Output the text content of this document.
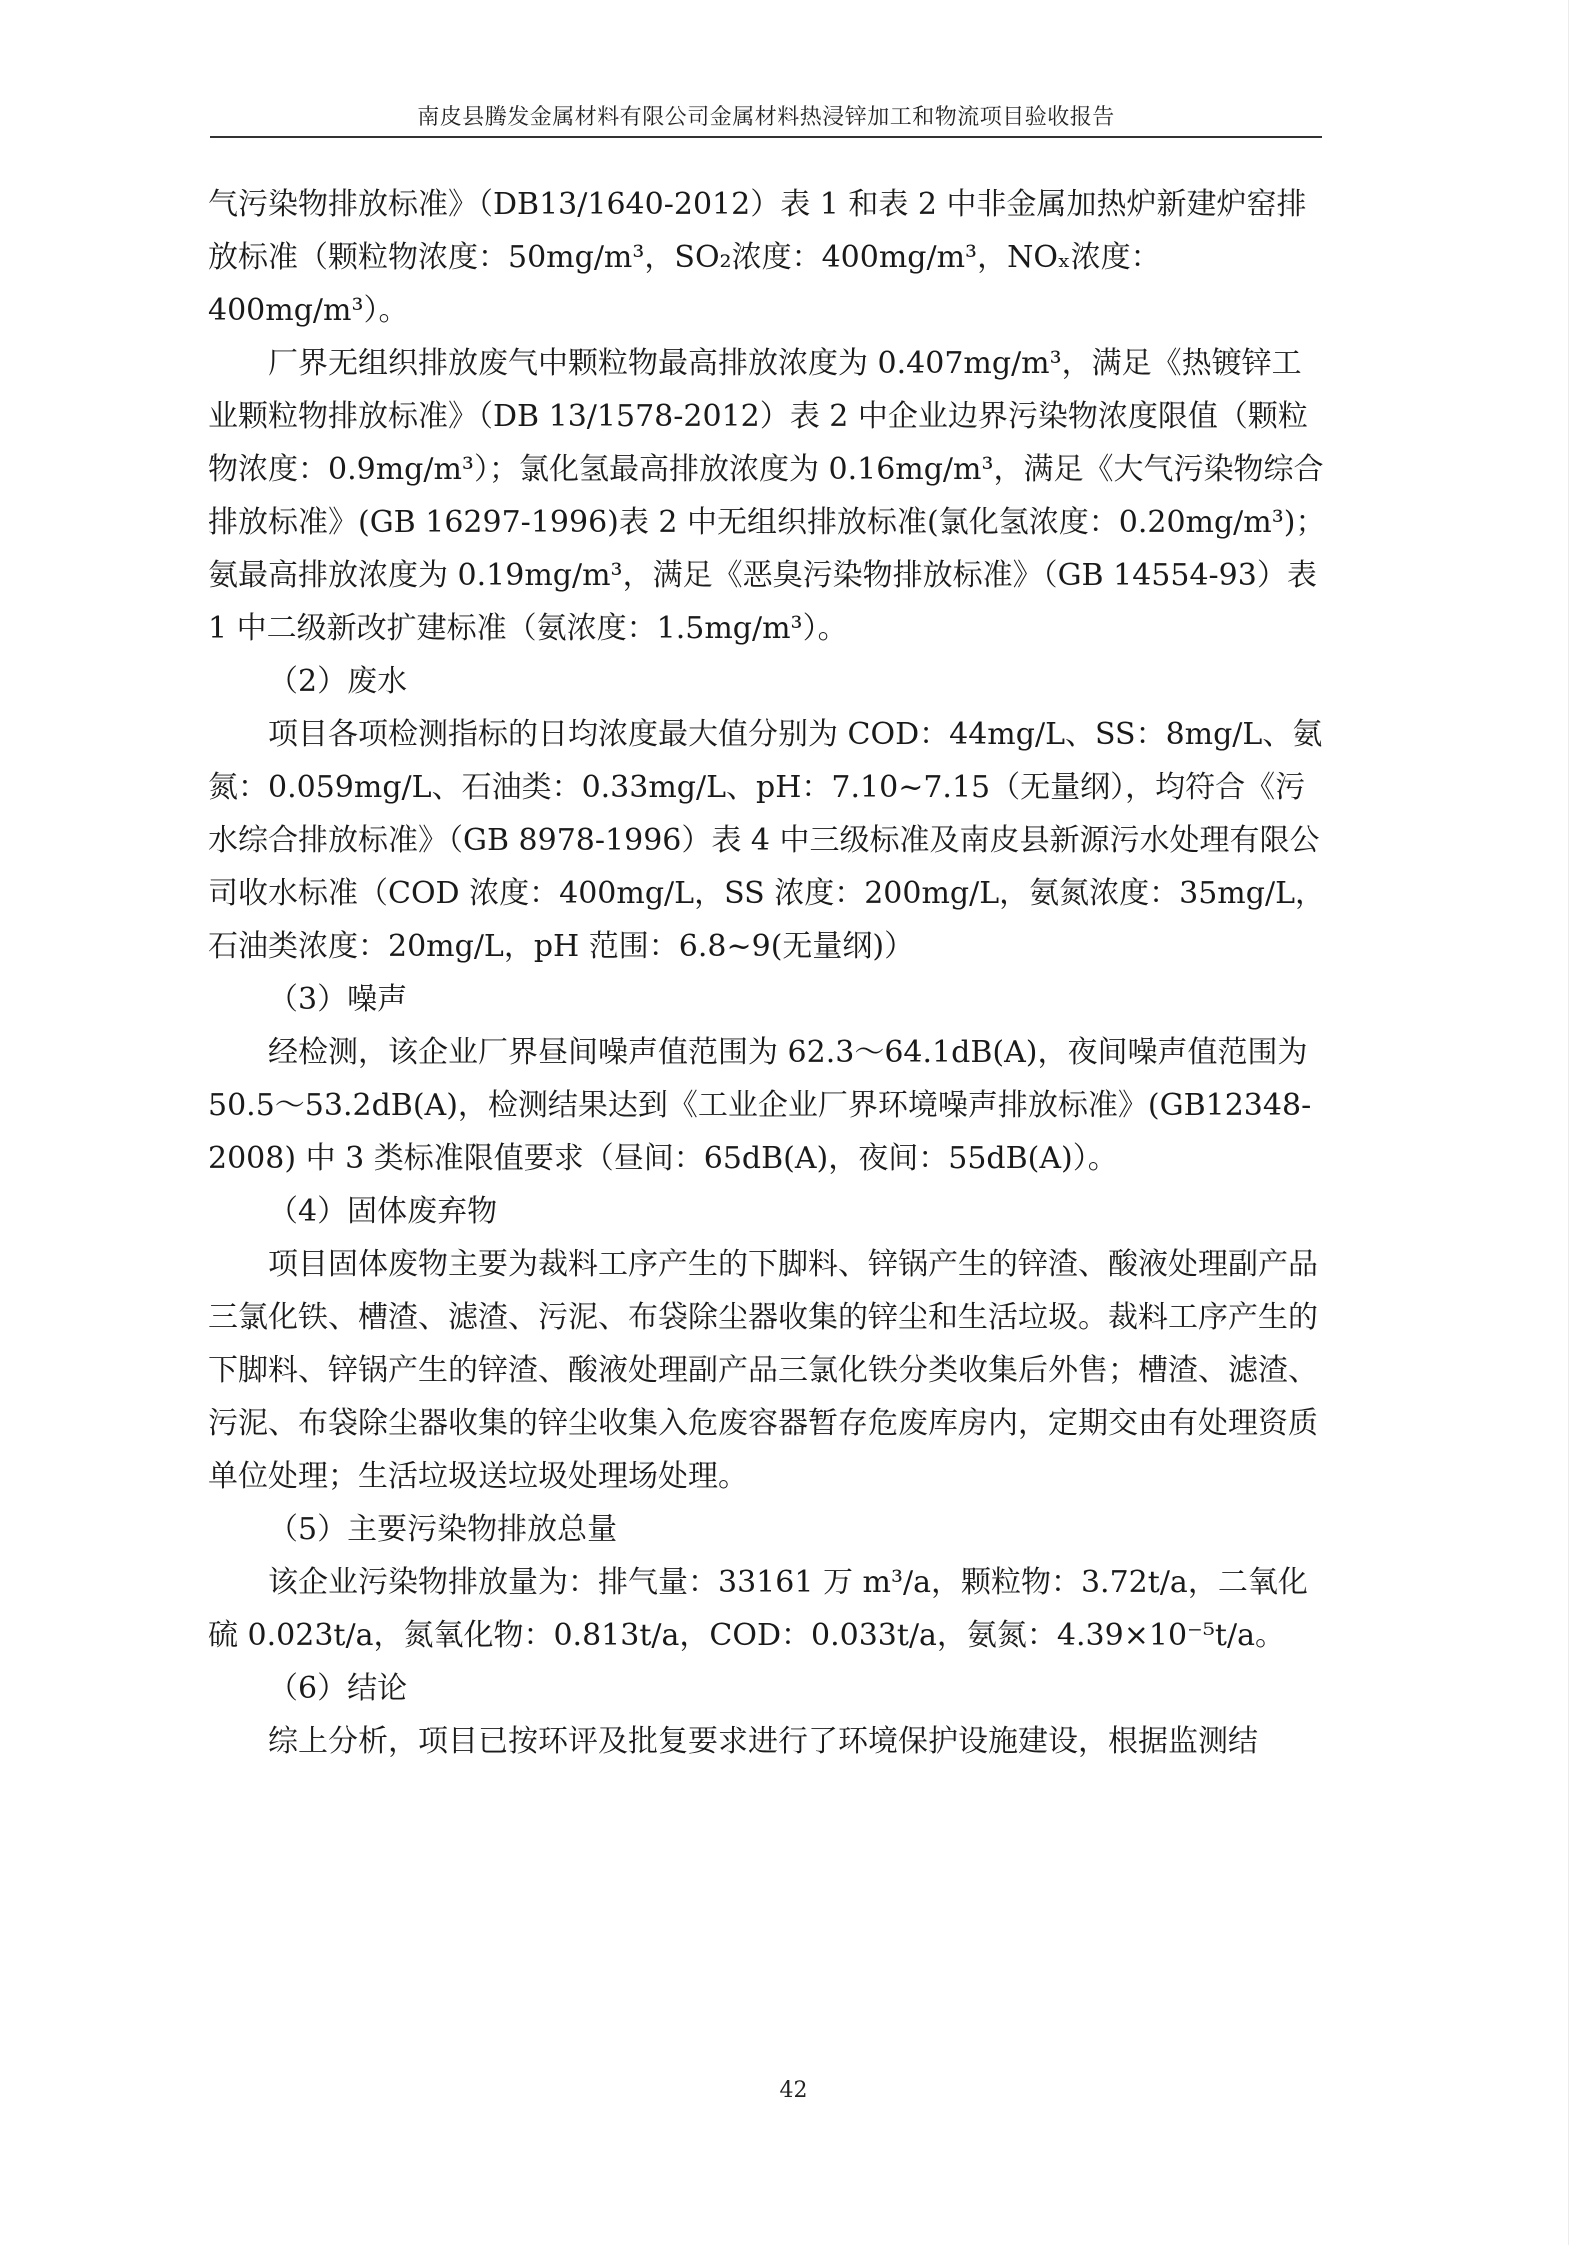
南皮县腾发金属材料有限公司金属材料热浸锌加工和物流项目验收报告

气污染物排放标准》（DB13/1640-2012）表 1 和表 2 中非金属加热炉新建炉窑排放标准（颗粒物浓度：50mg/m³，SO₂浓度：400mg/m³，NOₓ浓度：400mg/m³）。

厂界无组织排放废气中颗粒物最高排放浓度为 0.407mg/m³，满足《热镀锌工业颗粒物排放标准》（DB 13/1578-2012）表 2 中企业边界污染物浓度限值（颗粒物浓度：0.9mg/m³）；氯化氢最高排放浓度为 0.16mg/m³，满足《大气污染物综合排放标准》(GB 16297-1996)表 2 中无组织排放标准(氯化氢浓度：0.20mg/m³)；氨最高排放浓度为 0.19mg/m³，满足《恶臭污染物排放标准》（GB 14554-93）表 1 中二级新改扩建标准（氨浓度：1.5mg/m³）。

（2）废水

项目各项检测指标的日均浓度最大值分别为 COD：44mg/L、SS：8mg/L、氨氮：0.059mg/L、石油类：0.33mg/L、pH：7.10~7.15（无量纲），均符合《污水综合排放标准》（GB 8978-1996）表 4 中三级标准及南皮县新源污水处理有限公司收水标准（COD 浓度：400mg/L，SS 浓度：200mg/L，氨氮浓度：35mg/L，石油类浓度：20mg/L，pH 范围：6.8~9(无量纲)）

（3）噪声

经检测，该企业厂界昼间噪声值范围为 62.3～64.1dB(A)，夜间噪声值范围为 50.5～53.2dB(A)，检测结果达到《工业企业厂界环境噪声排放标准》(GB12348-2008) 中 3 类标准限值要求（昼间：65dB(A)，夜间：55dB(A)）。

（4）固体废弃物

项目固体废物主要为裁料工序产生的下脚料、锌锅产生的锌渣、酸液处理副产品三氯化铁、槽渣、滤渣、污泥、布袋除尘器收集的锌尘和生活垃圾。裁料工序产生的下脚料、锌锅产生的锌渣、酸液处理副产品三氯化铁分类收集后外售；槽渣、滤渣、污泥、布袋除尘器收集的锌尘收集入危废容器暂存危废库房内，定期交由有处理资质单位处理；生活垃圾送垃圾处理场处理。

（5）主要污染物排放总量

该企业污染物排放量为：排气量：33161 万 m³/a，颗粒物：3.72t/a，二氧化硫 0.023t/a，氮氧化物：0.813t/a，COD：0.033t/a，氨氮：4.39×10⁻⁵t/a。

（6）结论

综上分析，项目已按环评及批复要求进行了环境保护设施建设，根据监测结

42
